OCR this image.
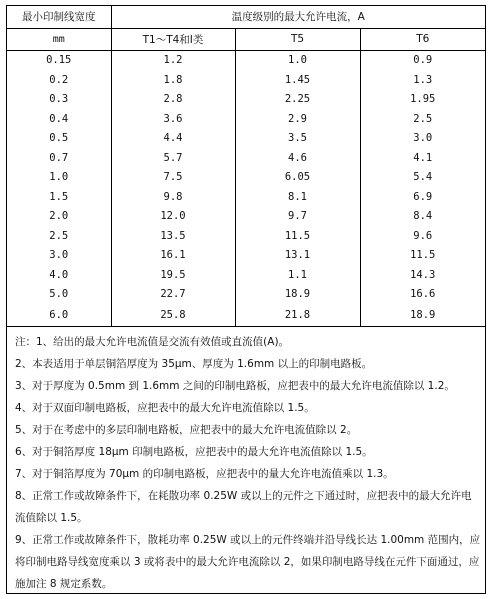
最小印制线宽度	温度级别的最大允许电流，A		
mm	T1～T4和I类	T5	T6
0.15	1.2	1.0	0.9
0.2	1.8	1.45	1.3
0.3	2.8	2.25	1.95
0.4	3.6	2.9	2.5
0.5	4.4	3.5	3.0
0.7	5.7	4.6	4.1
1.0	7.5	6.05	5.4
1.5	9.8	8.1	6.9
2.0	12.0	9.7	8.4
2.5	13.5	11.5	9.6
3.0	16.1	13.1	11.5
4.0	19.5	1.1	14.3
5.0	22.7	18.9	16.6
6.0	25.8	21.8	18.9

注：1、给出的最大允许电流值是交流有效值或直流值(A)。

2、本表适用于单层铜箔厚度为 35μm、厚度为 1.6mm 以上的印制电路板。

3、对于厚度为 0.5mm 到 1.6mm 之间的印制电路板，应把表中的最大允许电流值除以 1.2。

4、对于双面印制电路板，应把表中的最大允许电流值除以 1.5。

5、对于在考虑中的多层印制电路板，应把表中的最大允许电流值除以 2。

6、对于铜箔厚度 18μm 印制电路板，应把表中的最大允许电流值除以 1.5。

7、对于铜箔厚度为 70μm 的印制电路板，应把表中的量大允许电流值乘以 1.3。

8、正常工作或故障条件下，在耗散功率 0.25W 或以上的元件之下通过时，应把表中的最大允许电流值除以 1.5。

9、正常工作或故障条件下，散耗功率 0.25W 或以上的元件终端并沿导线长达 1.00mm 范围内，应将印制电路导线宽度乘以 3 或将表中的最大允许电流除以 2，如果印制电路导线在元件下面通过，应施加注 8 规定系数。
